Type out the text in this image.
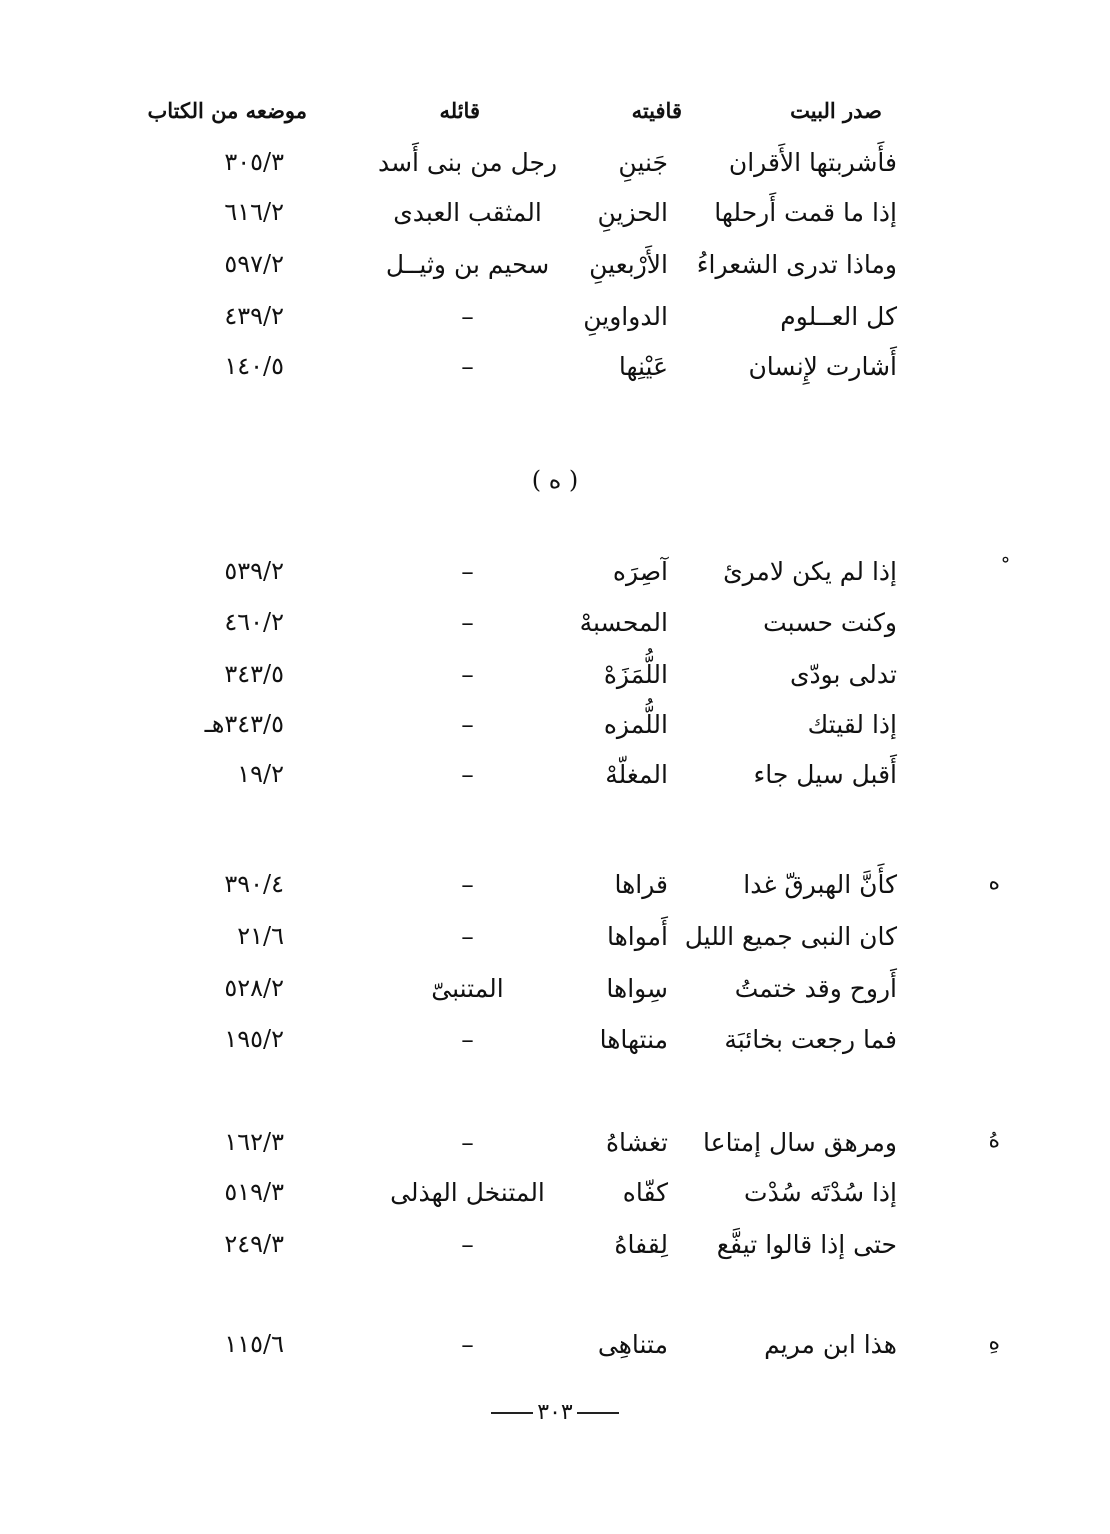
صدر البيت
قافيته
قائله
موضعه من الكتاب
( ه )
فأَشربتها الأَقران
جَنينِ
رجل من بنى أَسد
٣٠٥/٣
إذا ما قمت أَرحلها
الحزينِ
المثقب العبدى
٦١٦/٢
وماذا تدرى الشعراءُ
الأَرْبعينِ
سحيم بن وثيــل
٥٩٧/٢
كل العــلوم
الدواوينِ
–
٤٣٩/٢
أَشارت لإِنسان
عَيْنِها
–
١٤٠/٥
إذا لم يكن لامرئ
آصِرَه
–
٥٣٩/٢
وكنت حسبت
المحسبهْ
–
٤٦٠/٢
تدلى بودّى
اللُّمَزَهْ
–
٣٤٣/٥
إذا لقيتك
اللُّمزه
–
٣٤٣/٥هـ
أَقبل سيل جاء
المغلّهْ
–
١٩/٢
ه
كأَنَّ الهبرقّ غدا
قراها
–
٣٩٠/٤
كان النبى جميع الليل
أَمواها
–
٢١/٦
أَروح وقد ختمتُ
سِواها
المتنبىّ
٥٢٨/٢
فما رجعت بخائبَة
منتهاها
–
١٩٥/٢
هُ
ومرهق سال إمتاعا
تغشاهُ
–
١٦٢/٣
إذا سُدْتَه سُدْت
كفّاه
المتنخل الهذلى
٥١٩/٣
حتى إذا قالوا تيفَّع
لِقفاهُ
–
٢٤٩/٣
هِ
هذا ابن مريم
متناهِى
–
١١٥/٦
٣٠٣
